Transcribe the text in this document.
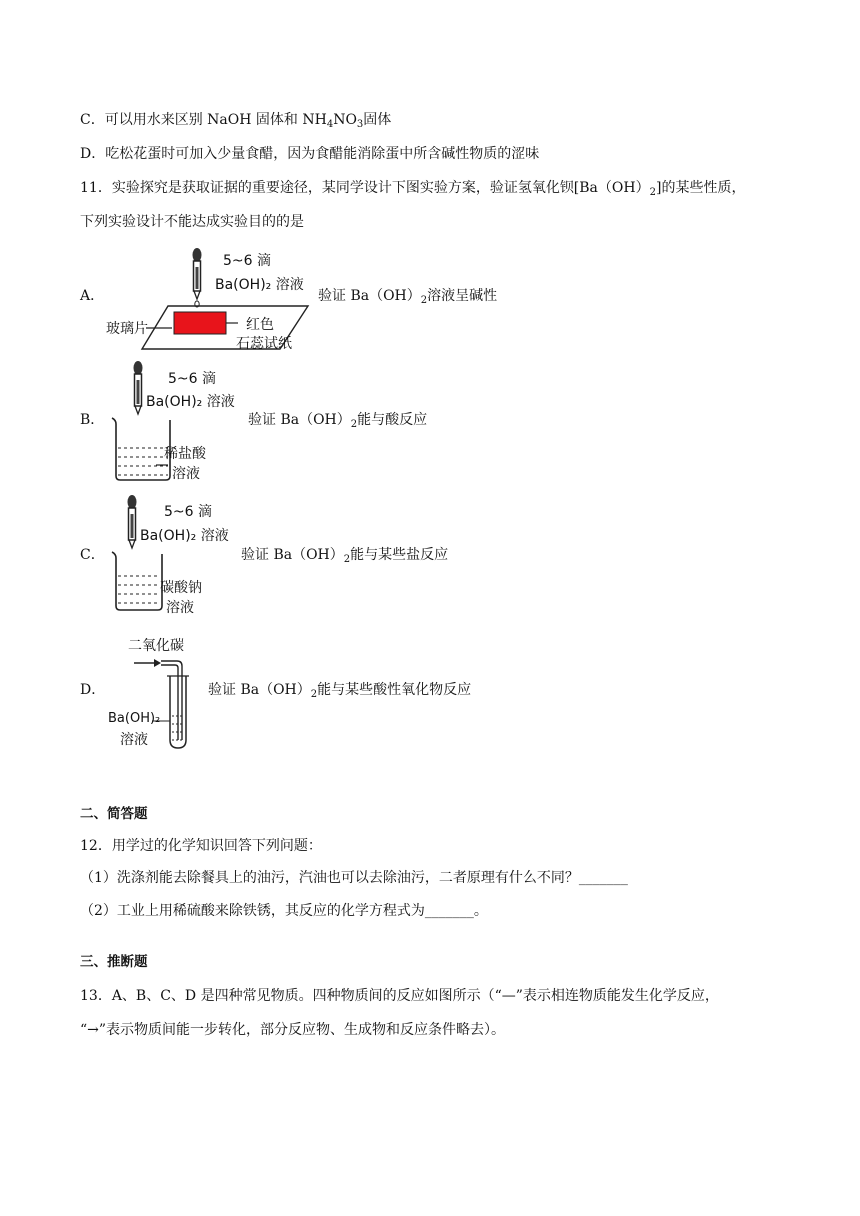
C．可以用水来区别 NaOH 固体和 $NH_4NO_3$固体
D．吃松花蛋时可加入少量食醋，因为食醋能消除蛋中所含碱性物质的涩味
11．实验探究是获取证据的重要途径，某同学设计下图实验方案，验证氢氧化钡$[Ba(OH)_2]$的某些性质，
下列实验设计不能达成实验目的的是
A．
5~6 滴
Ba(OH)₂ 溶液
玻璃片	红色
石蕊试纸
验证 $Ba(OH)_2$溶液呈碱性
B．
5~6 滴
Ba(OH)₂ 溶液
稀盐酸
溶液
验证 $Ba(OH)_2$能与酸反应
C．
5~6 滴
Ba(OH)₂ 溶液
碳酸钠
溶液
验证 $Ba(OH)_2$能与某些盐反应
D．
二氧化碳
Ba(OH)₂
溶液
验证 $Ba(OH)_2$能与某些酸性氧化物反应
二、简答题
12．用学过的化学知识回答下列问题：
（1）洗涤剂能去除餐具上的油污，汽油也可以去除油污，二者原理有什么不同？_______
（2）工业上用稀硫酸来除铁锈，其反应的化学方程式为_______。
三、推断题
13．A、B、C、D 是四种常见物质。四种物质间的反应如图所示（“—”表示相连物质能发生化学反应，
“→”表示物质间能一步转化，部分反应物、生成物和反应条件略去）。
